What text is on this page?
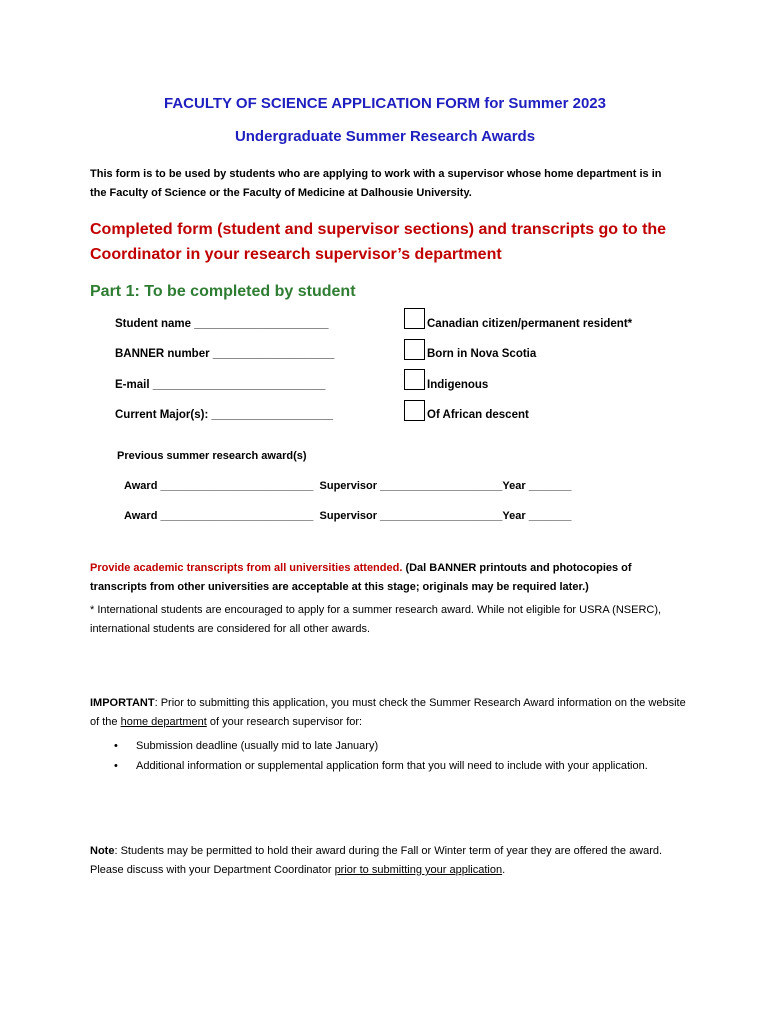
FACULTY OF SCIENCE APPLICATION FORM for Summer 2023
Undergraduate Summer Research Awards
This form is to be used by students who are applying to work with a supervisor whose home department is in the Faculty of Science or the Faculty of Medicine at Dalhousie University.
Completed form (student and supervisor sections) and transcripts go to the Coordinator in your research supervisor’s department
Part 1: To be completed by student
Student name _____________________
BANNER number ___________________
E-mail ___________________________
Current Major(s): ___________________
Canadian citizen/permanent resident*
Born in Nova Scotia
Indigenous
Of African descent
Previous summer research award(s)
Award _________________________  Supervisor ____________________Year _______
Award _________________________  Supervisor ____________________Year _______
Provide academic transcripts from all universities attended. (Dal BANNER printouts and photocopies of transcripts from other universities are acceptable at this stage; originals may be required later.)
* International students are encouraged to apply for a summer research award. While not eligible for USRA (NSERC), international students are considered for all other awards.
IMPORTANT: Prior to submitting this application, you must check the Summer Research Award information on the website of the home department of your research supervisor for:
• Submission deadline (usually mid to late January)
• Additional information or supplemental application form that you will need to include with your application.
Note: Students may be permitted to hold their award during the Fall or Winter term of year they are offered the award. Please discuss with your Department Coordinator prior to submitting your application.
